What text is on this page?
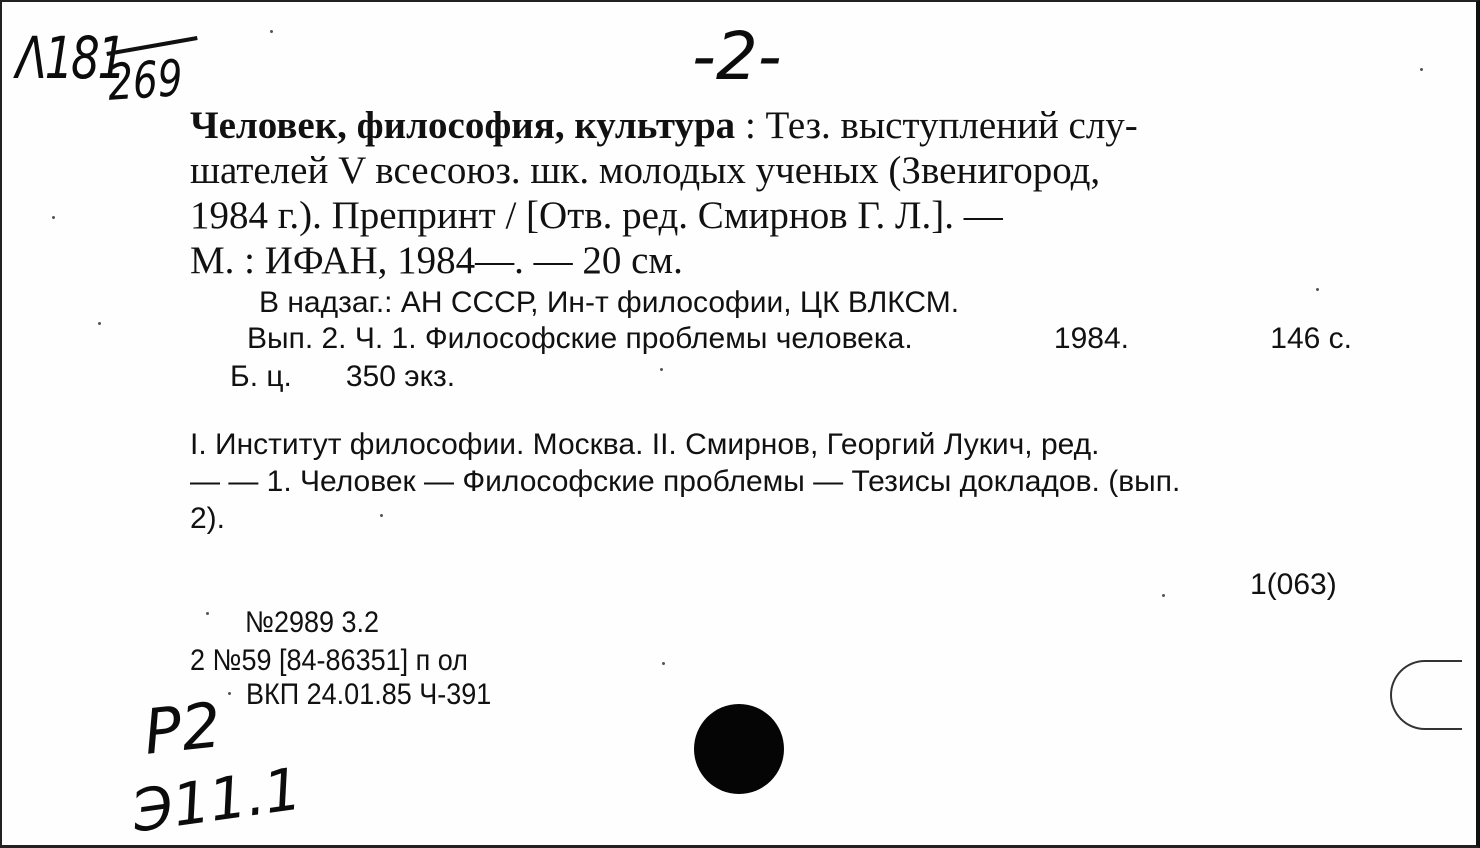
Λ181
269	-2-
Человек, философия, культура : Тез. выступлений слу-
шателей V всесоюз. шк. молодых ученых (Звенигород,
1984 г.). Препринт / [Отв. ред. Смирнов Г. Л.]. —
М. : ИФАН, 1984—. — 20 см.
В надзаг.: АН СССР, Ин-т философии, ЦК ВЛКСМ.
Вып. 2. Ч. 1. Философские проблемы человека.	1984.	146 с.
Б. ц. 350 экз.
I. Институт философии. Москва. II. Смирнов, Георгий Лукич, ред.
— — 1. Человек — Философские проблемы — Тезисы докладов. (вып.
2).
1(063)
№2989 3.2
2 №59 [84-86351] п ол
ВКП 24.01.85 Ч-391
P2
Э11.1
